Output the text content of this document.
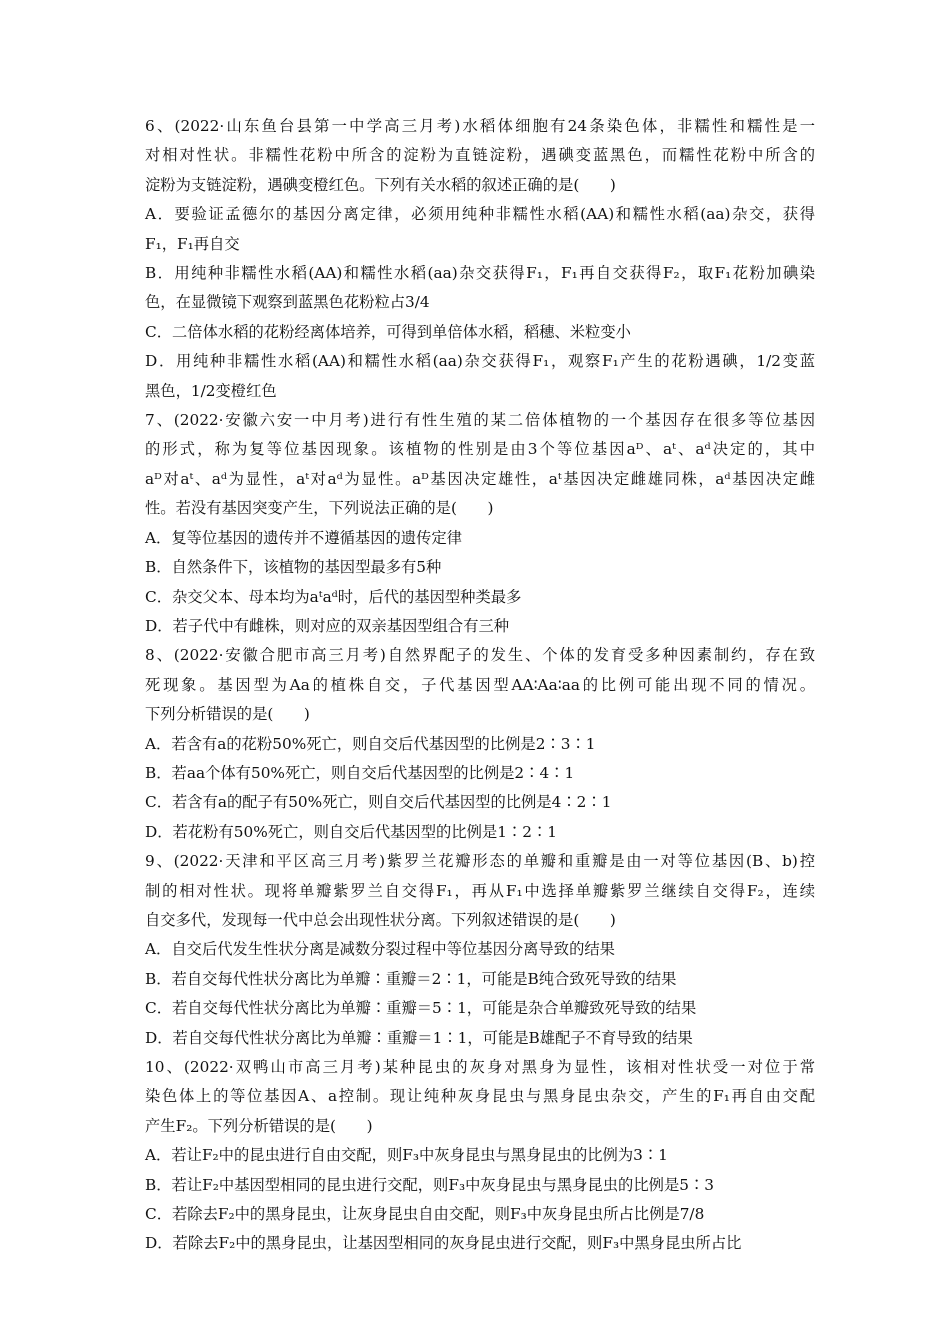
6、(2022·山东鱼台县第一中学高三月考)水稻体细胞有24条染色体，非糯性和糯性是一
对相对性状。非糯性花粉中所含的淀粉为直链淀粉，遇碘变蓝黑色，而糯性花粉中所含的
淀粉为支链淀粉，遇碘变橙红色。下列有关水稻的叙述正确的是(　　)
A．要验证孟德尔的基因分离定律，必须用纯种非糯性水稻(AA)和糯性水稻(aa)杂交，获得
F₁，F₁再自交
B．用纯种非糯性水稻(AA)和糯性水稻(aa)杂交获得F₁，F₁再自交获得F₂，取F₁花粉加碘染
色，在显微镜下观察到蓝黑色花粉粒占3/4
C．二倍体水稻的花粉经离体培养，可得到单倍体水稻，稻穗、米粒变小
D．用纯种非糯性水稻(AA)和糯性水稻(aa)杂交获得F₁，观察F₁产生的花粉遇碘，1/2变蓝
黑色，1/2变橙红色
7、(2022·安徽六安一中月考)进行有性生殖的某二倍体植物的一个基因存在很多等位基因
的形式，称为复等位基因现象。该植物的性别是由3个等位基因aᴰ、aᵗ、aᵈ决定的，其中
aᴰ对aᵗ、aᵈ为显性，aᵗ对aᵈ为显性。aᴰ基因决定雄性，aᵗ基因决定雌雄同株，aᵈ基因决定雌
性。若没有基因突变产生，下列说法正确的是(　　)
A．复等位基因的遗传并不遵循基因的遗传定律
B．自然条件下，该植物的基因型最多有5种
C．杂交父本、母本均为aᵗaᵈ时，后代的基因型种类最多
D．若子代中有雌株，则对应的双亲基因型组合有三种
8、(2022·安徽合肥市高三月考)自然界配子的发生、个体的发育受多种因素制约，存在致
死现象。基因型为Aa的植株自交，子代基因型AA∶Aa∶aa的比例可能出现不同的情况。
下列分析错误的是(　　)
A．若含有a的花粉50%死亡，则自交后代基因型的比例是2∶3∶1
B．若aa个体有50%死亡，则自交后代基因型的比例是2∶4∶1
C．若含有a的配子有50%死亡，则自交后代基因型的比例是4∶2∶1
D．若花粉有50%死亡，则自交后代基因型的比例是1∶2∶1
9、(2022·天津和平区高三月考)紫罗兰花瓣形态的单瓣和重瓣是由一对等位基因(B、b)控
制的相对性状。现将单瓣紫罗兰自交得F₁，再从F₁中选择单瓣紫罗兰继续自交得F₂，连续
自交多代，发现每一代中总会出现性状分离。下列叙述错误的是(　　)
A．自交后代发生性状分离是减数分裂过程中等位基因分离导致的结果
B．若自交每代性状分离比为单瓣∶重瓣＝2∶1，可能是B纯合致死导致的结果
C．若自交每代性状分离比为单瓣∶重瓣＝5∶1，可能是杂合单瓣致死导致的结果
D．若自交每代性状分离比为单瓣∶重瓣＝1∶1，可能是B雄配子不育导致的结果
10、(2022·双鸭山市高三月考)某种昆虫的灰身对黑身为显性，该相对性状受一对位于常
染色体上的等位基因A、a控制。现让纯种灰身昆虫与黑身昆虫杂交，产生的F₁再自由交配
产生F₂。下列分析错误的是(　　)
A．若让F₂中的昆虫进行自由交配，则F₃中灰身昆虫与黑身昆虫的比例为3∶1
B．若让F₂中基因型相同的昆虫进行交配，则F₃中灰身昆虫与黑身昆虫的比例是5∶3
C．若除去F₂中的黑身昆虫，让灰身昆虫自由交配，则F₃中灰身昆虫所占比例是7/8
D．若除去F₂中的黑身昆虫，让基因型相同的灰身昆虫进行交配，则F₃中黑身昆虫所占比
